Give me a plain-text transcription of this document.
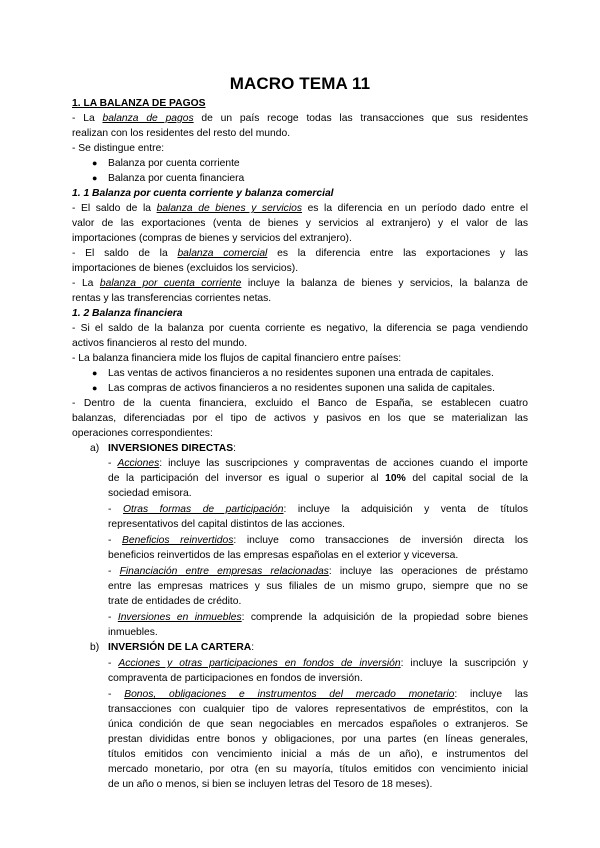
MACRO TEMA 11
1. LA BALANZA DE PAGOS
- La balanza de pagos de un país recoge todas las transacciones que sus residentes
realizan con los residentes del resto del mundo.
- Se distingue entre:
● Balanza por cuenta corriente
● Balanza por cuenta financiera
1. 1 Balanza por cuenta corriente y balanza comercial
- El saldo de la balanza de bienes y servicios es la diferencia en un período dado entre el
valor de las exportaciones (venta de bienes y servicios al extranjero) y el valor de las
importaciones (compras de bienes y servicios del extranjero).
- El saldo de la balanza comercial es la diferencia entre las exportaciones y las
importaciones de bienes (excluidos los servicios).
- La balanza por cuenta corriente incluye la balanza de bienes y servicios, la balanza de
rentas y las transferencias corrientes netas.
1. 2 Balanza financiera
- Si el saldo de la balanza por cuenta corriente es negativo, la diferencia se paga vendiendo
activos financieros al resto del mundo.
- La balanza financiera mide los flujos de capital financiero entre países:
● Las ventas de activos financieros a no residentes suponen una entrada de capitales.
● Las compras de activos financieros a no residentes suponen una salida de capitales.
- Dentro de la cuenta financiera, excluido el Banco de España, se establecen cuatro
balanzas, diferenciadas por el tipo de activos y pasivos en los que se materializan las
operaciones correspondientes:
a) INVERSIONES DIRECTAS:
- Acciones: incluye las suscripciones y compraventas de acciones cuando el importe
de la participación del inversor es igual o superior al 10% del capital social de la
sociedad emisora.
- Otras formas de participación: incluye la adquisición y venta de títulos
representativos del capital distintos de las acciones.
- Beneficios reinvertidos: incluye como transacciones de inversión directa los
beneficios reinvertidos de las empresas españolas en el exterior y viceversa.
- Financiación entre empresas relacionadas: incluye las operaciones de préstamo
entre las empresas matrices y sus filiales de un mismo grupo, siempre que no se
trate de entidades de crédito.
- Inversiones en inmuebles: comprende la adquisición de la propiedad sobre bienes
inmuebles.
b) INVERSIÓN DE LA CARTERA:
- Acciones y otras participaciones en fondos de inversión: incluye la suscripción y
compraventa de participaciones en fondos de inversión.
- Bonos, obligaciones e instrumentos del mercado monetario: incluye las
transacciones con cualquier tipo de valores representativos de empréstitos, con la
única condición de que sean negociables en mercados españoles o extranjeros. Se
prestan divididas entre bonos y obligaciones, por una partes (en líneas generales,
títulos emitidos con vencimiento inicial a más de un año), e instrumentos del
mercado monetario, por otra (en su mayoría, títulos emitidos con vencimiento inicial
de un año o menos, si bien se incluyen letras del Tesoro de 18 meses).
